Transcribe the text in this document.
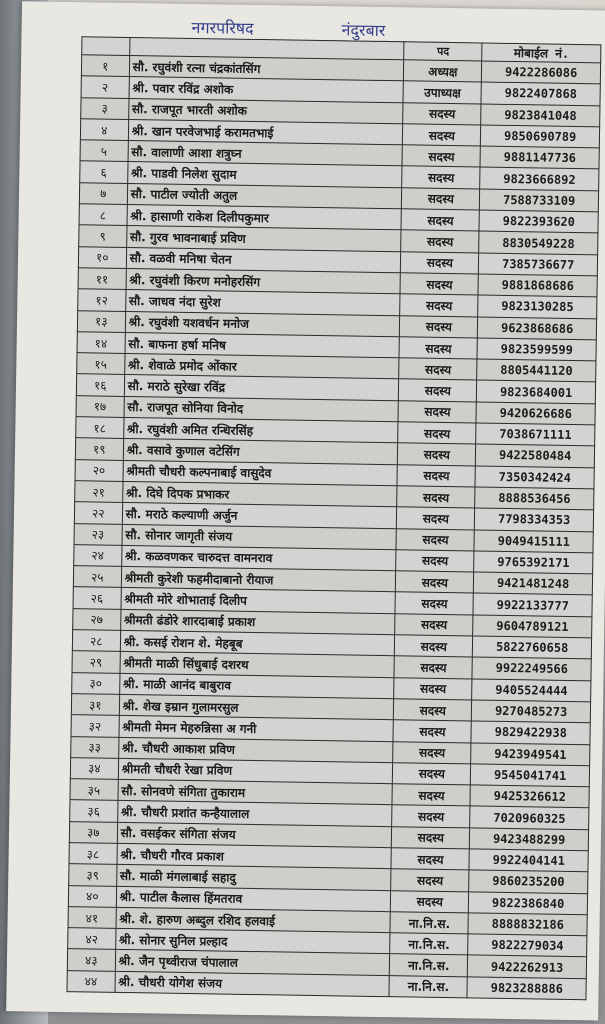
नगरपरिषद	नंदुरबार
		पद	मोबाईल नं.
१	सौ. रघुवंशी रत्ना चंद्रकांतसिंग	अध्यक्ष	9422286086
२	श्री. पवार रविंद्र अशोक	उपाध्यक्ष	9822407868
३	सौ. राजपूत भारती अशोक	सदस्य	9823841048
४	श्री. खान परवेजभाई करामतभाई	सदस्य	9850690789
५	सौ. वालाणी आशा शत्रुघ्न	सदस्य	9881147736
६	श्री. पाडवी निलेश सुदाम	सदस्य	9823666892
७	सौ. पाटील ज्योती अतुल	सदस्य	7588733109
८	श्री. हासाणी राकेश दिलीपकुमार	सदस्य	9822393620
९	सौ. गुरव भावनाबाई प्रविण	सदस्य	8830549228
१०	सौ. वळवी मनिषा चेतन	सदस्य	7385736677
११	श्री. रघुवंशी किरण मनोहरसिंग	सदस्य	9881868686
१२	सौ. जाधव नंदा सुरेश	सदस्य	9823130285
१३	श्री. रघुवंशी यशवर्धन मनोज	सदस्य	9623868686
१४	सौ. बाफना हर्षा मनिष	सदस्य	9823599599
१५	श्री. शेवाळे प्रमोद ओंकार	सदस्य	8805441120
१६	सौ. मराठे सुरेखा रविंद्र	सदस्य	9823684001
१७	सौ. राजपूत सोनिया विनोद	सदस्य	9420626686
१८	श्री. रघुवंशी अमित रन्धिरसिंह	सदस्य	7038671111
१९	श्री. वसावे कुणाल वटेसिंग	सदस्य	9422580484
२०	श्रीमती चौधरी कल्पनाबाई वासुदेव	सदस्य	7350342424
२१	श्री. दिघे दिपक प्रभाकर	सदस्य	8888536456
२२	सौ. मराठे कल्याणी अर्जुन	सदस्य	7798334353
२३	सौ. सोनार जागृती संजय	सदस्य	9049415111
२४	श्री. कळवणकर चारुदत्त वामनराव	सदस्य	9765392171
२५	श्रीमती कुरेशी फहमीदाबानो रीयाज	सदस्य	9421481248
२६	श्रीमती मोरे शोभाताई दिलीप	सदस्य	9922133777
२७	श्रीमती ढंडोरे शारदाबाई प्रकाश	सदस्य	9604789121
२८	श्री. कसई रोशन शे. मेहबूब	सदस्य	5822760658
२९	श्रीमती माळी सिंधुबाई दशरथ	सदस्य	9922249566
३०	श्री. माळी आनंद बाबुराव	सदस्य	9405524444
३१	श्री. शेख इम्रान गुलामरसुल	सदस्य	9270485273
३२	श्रीमती मेमन मेहरुन्निसा अ गनी	सदस्य	9829422938
३३	श्री. चौधरी आकाश प्रविण	सदस्य	9423949541
३४	श्रीमती चौधरी रेखा प्रविण	सदस्य	9545041741
३५	सौ. सोनवणे संगिता तुकाराम	सदस्य	9425326612
३६	श्री. चौधरी प्रशांत कन्हैयालाल	सदस्य	7020960325
३७	सौ. वसईकर संगिता संजय	सदस्य	9423488299
३८	श्री. चौधरी गौरव प्रकाश	सदस्य	9922404141
३९	सौ. माळी मंगलाबाई सहादु	सदस्य	9860235200
४०	श्री. पाटील कैलास हिंमतराव	सदस्य	9822386840
४१	श्री. शे. हारुण अब्दुल रशिद हलवाई	ना.नि.स.	8888832186
४२	श्री. सोनार सुनिल प्रल्हाद	ना.नि.स.	9822279034
४३	श्री. जैन पृथ्वीराज चंपालाल	ना.नि.स.	9422262913
४४	श्री. चौधरी योगेश संजय	ना.नि.स.	9823288886
